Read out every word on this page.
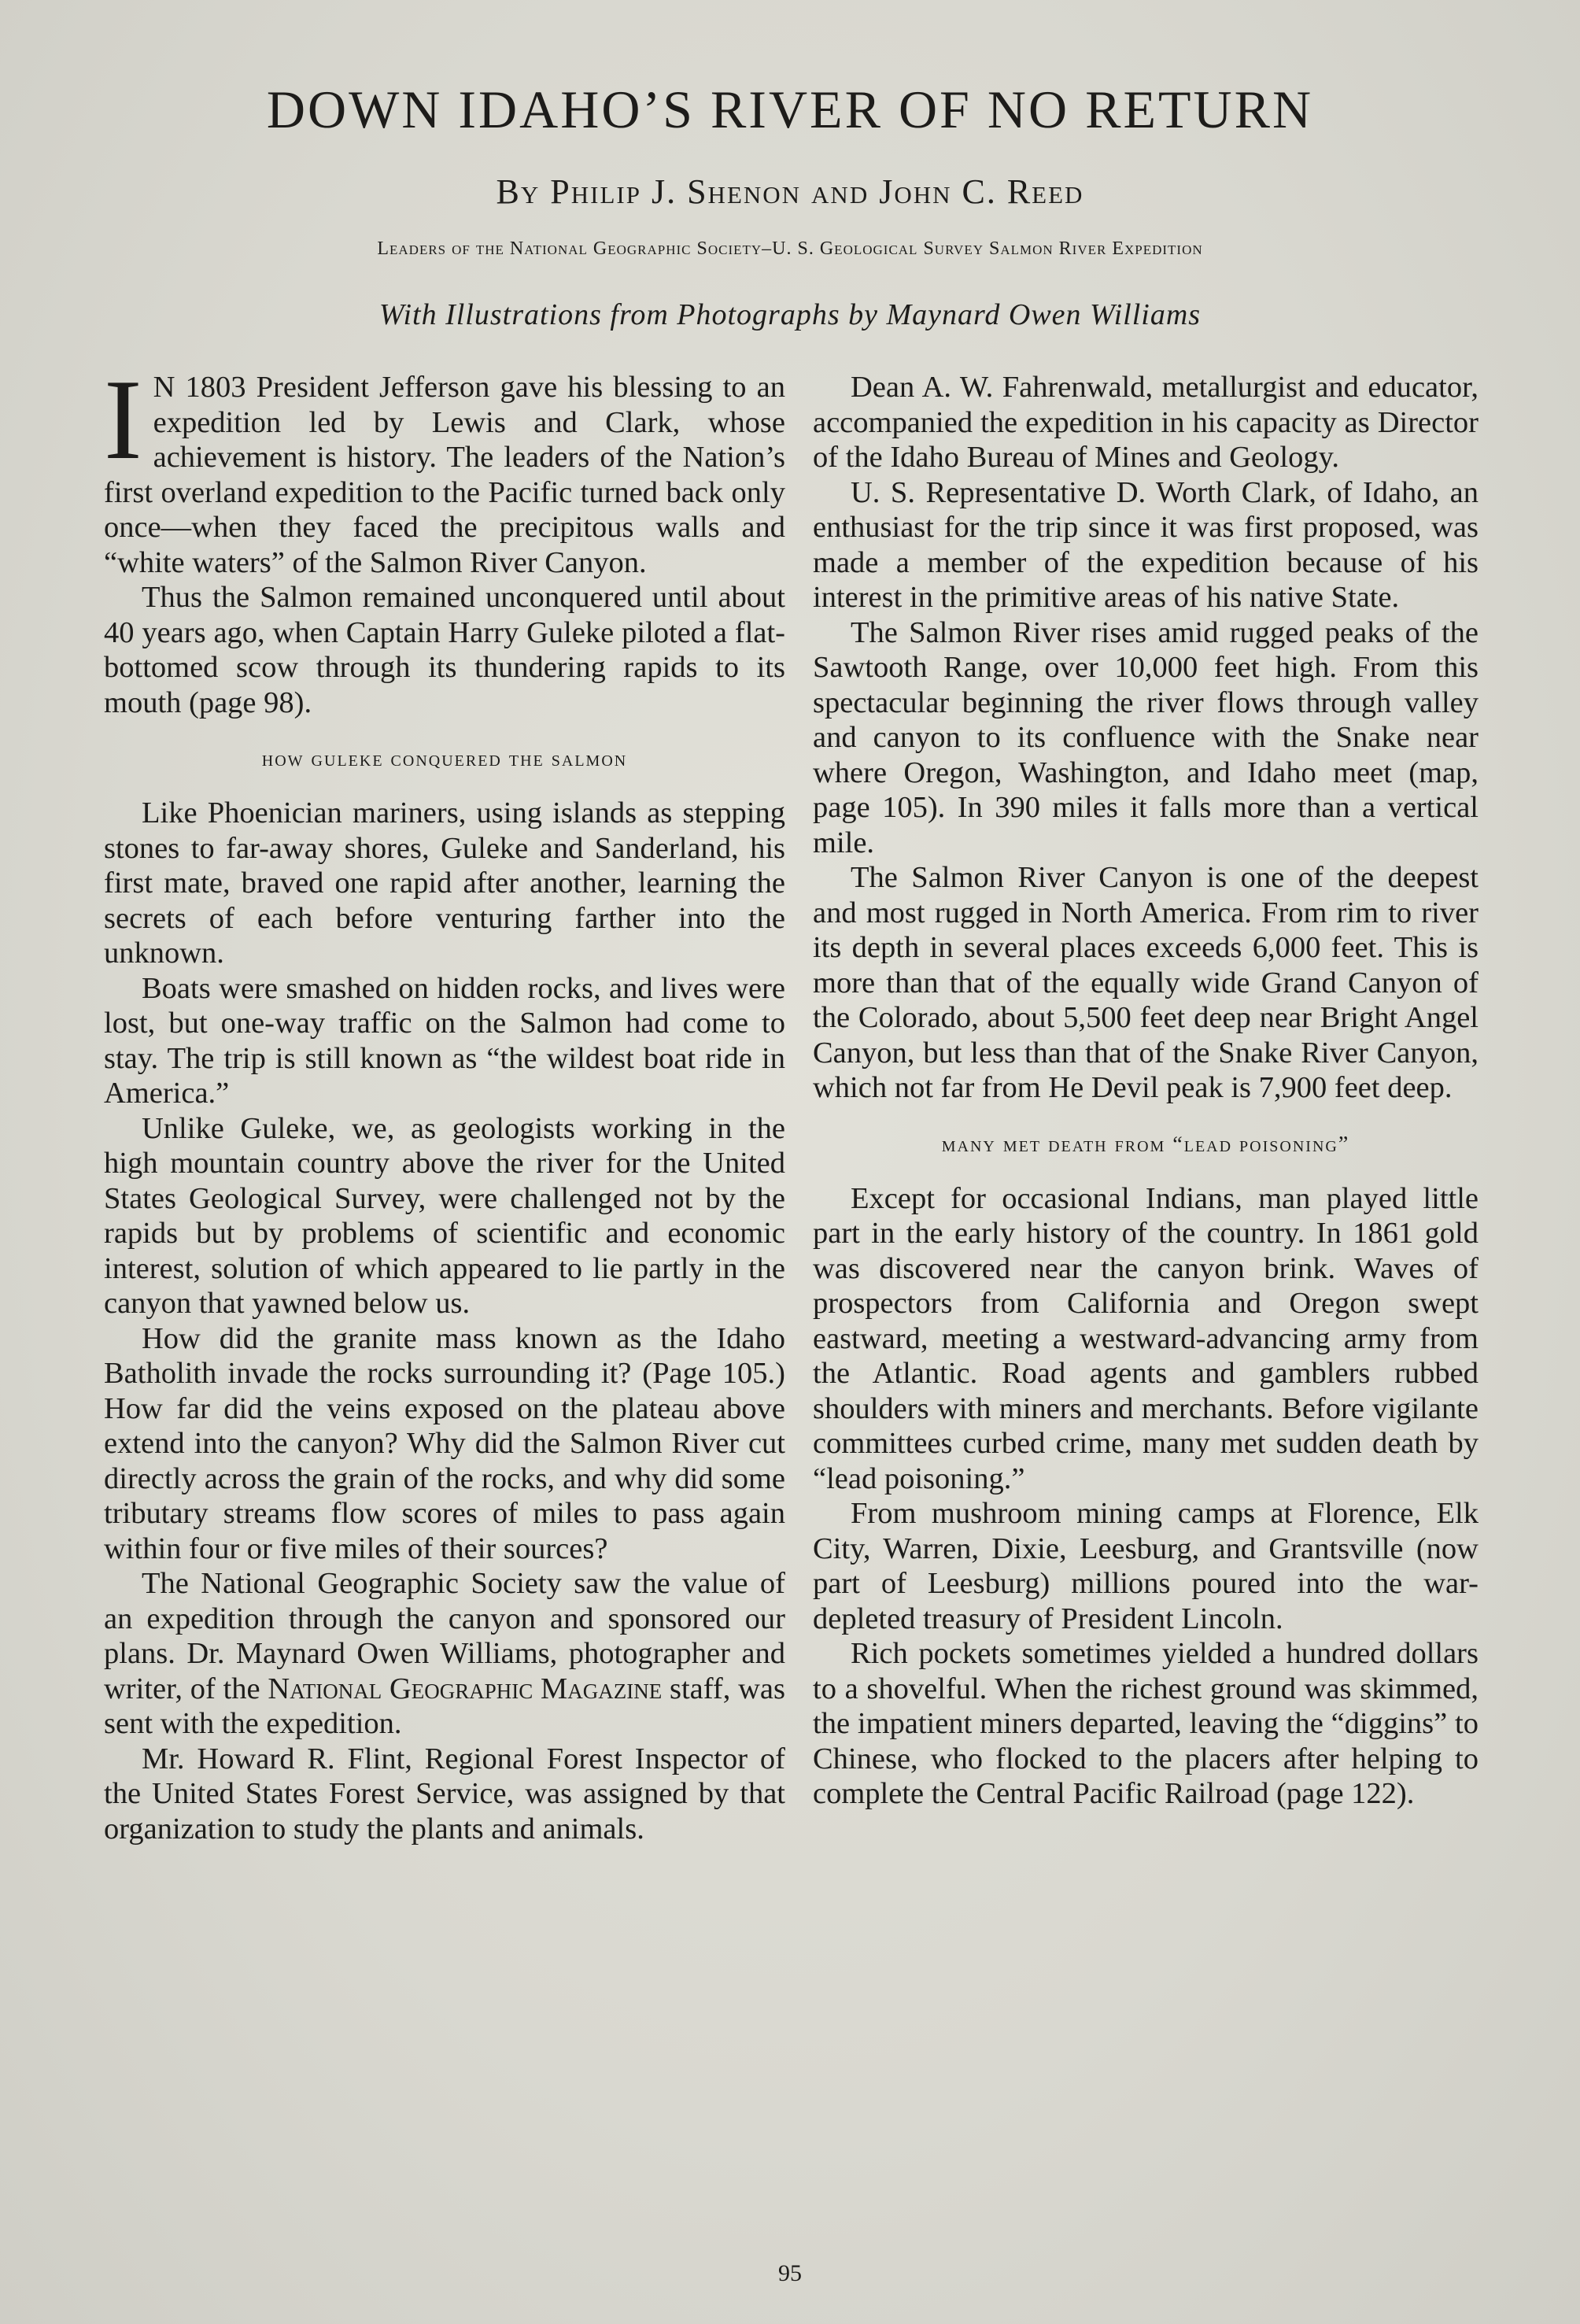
DOWN IDAHO’S RIVER OF NO RETURN
By Philip J. Shenon and John C. Reed
Leaders of the National Geographic Society–U. S. Geological Survey Salmon River Expedition
With Illustrations from Photographs by Maynard Owen Williams

I N 1803 President Jefferson gave his blessing to an expedition led by Lewis and Clark, whose achievement is history. The leaders of the Nation’s first overland expedition to the Pacific turned back only once—when they faced the precipitous walls and “white waters” of the Salmon River Canyon.

Thus the Salmon remained unconquered until about 40 years ago, when Captain Harry Guleke piloted a flat-bottomed scow through its thundering rapids to its mouth (page 98).

how guleke conquered the salmon

Like Phoenician mariners, using islands as stepping stones to far-away shores, Guleke and Sanderland, his first mate, braved one rapid after another, learning the secrets of each before venturing farther into the unknown.

Boats were smashed on hidden rocks, and lives were lost, but one-way traffic on the Salmon had come to stay. The trip is still known as “the wildest boat ride in America.”

Unlike Guleke, we, as geologists working in the high mountain country above the river for the United States Geological Survey, were challenged not by the rapids but by problems of scientific and economic interest, solution of which appeared to lie partly in the canyon that yawned below us.

How did the granite mass known as the Idaho Batholith invade the rocks surrounding it? (Page 105.) How far did the veins exposed on the plateau above extend into the canyon? Why did the Salmon River cut directly across the grain of the rocks, and why did some tributary streams flow scores of miles to pass again within four or five miles of their sources?

The National Geographic Society saw the value of an expedition through the canyon and sponsored our plans. Dr. Maynard Owen Williams, photographer and writer, of the National Geographic Magazine staff, was sent with the expedition.

Mr. Howard R. Flint, Regional Forest Inspector of the United States Forest Service, was assigned by that organization to study the plants and animals.

Dean A. W. Fahrenwald, metallurgist and educator, accompanied the expedition in his capacity as Director of the Idaho Bureau of Mines and Geology.

U. S. Representative D. Worth Clark, of Idaho, an enthusiast for the trip since it was first proposed, was made a member of the expedition because of his interest in the primitive areas of his native State.

The Salmon River rises amid rugged peaks of the Sawtooth Range, over 10,000 feet high. From this spectacular beginning the river flows through valley and canyon to its confluence with the Snake near where Oregon, Washington, and Idaho meet (map, page 105). In 390 miles it falls more than a vertical mile.

The Salmon River Canyon is one of the deepest and most rugged in North America. From rim to river its depth in several places exceeds 6,000 feet. This is more than that of the equally wide Grand Canyon of the Colorado, about 5,500 feet deep near Bright Angel Canyon, but less than that of the Snake River Canyon, which not far from He Devil peak is 7,900 feet deep.

many met death from “lead poisoning”

Except for occasional Indians, man played little part in the early history of the country. In 1861 gold was discovered near the canyon brink. Waves of prospectors from California and Oregon swept eastward, meeting a westward-advancing army from the Atlantic. Road agents and gamblers rubbed shoulders with miners and merchants. Before vigilante committees curbed crime, many met sudden death by “lead poisoning.”

From mushroom mining camps at Florence, Elk City, Warren, Dixie, Leesburg, and Grantsville (now part of Leesburg) millions poured into the war-depleted treasury of President Lincoln.

Rich pockets sometimes yielded a hundred dollars to a shovelful. When the richest ground was skimmed, the impatient miners departed, leaving the “diggins” to Chinese, who flocked to the placers after helping to complete the Central Pacific Railroad (page 122).

95
